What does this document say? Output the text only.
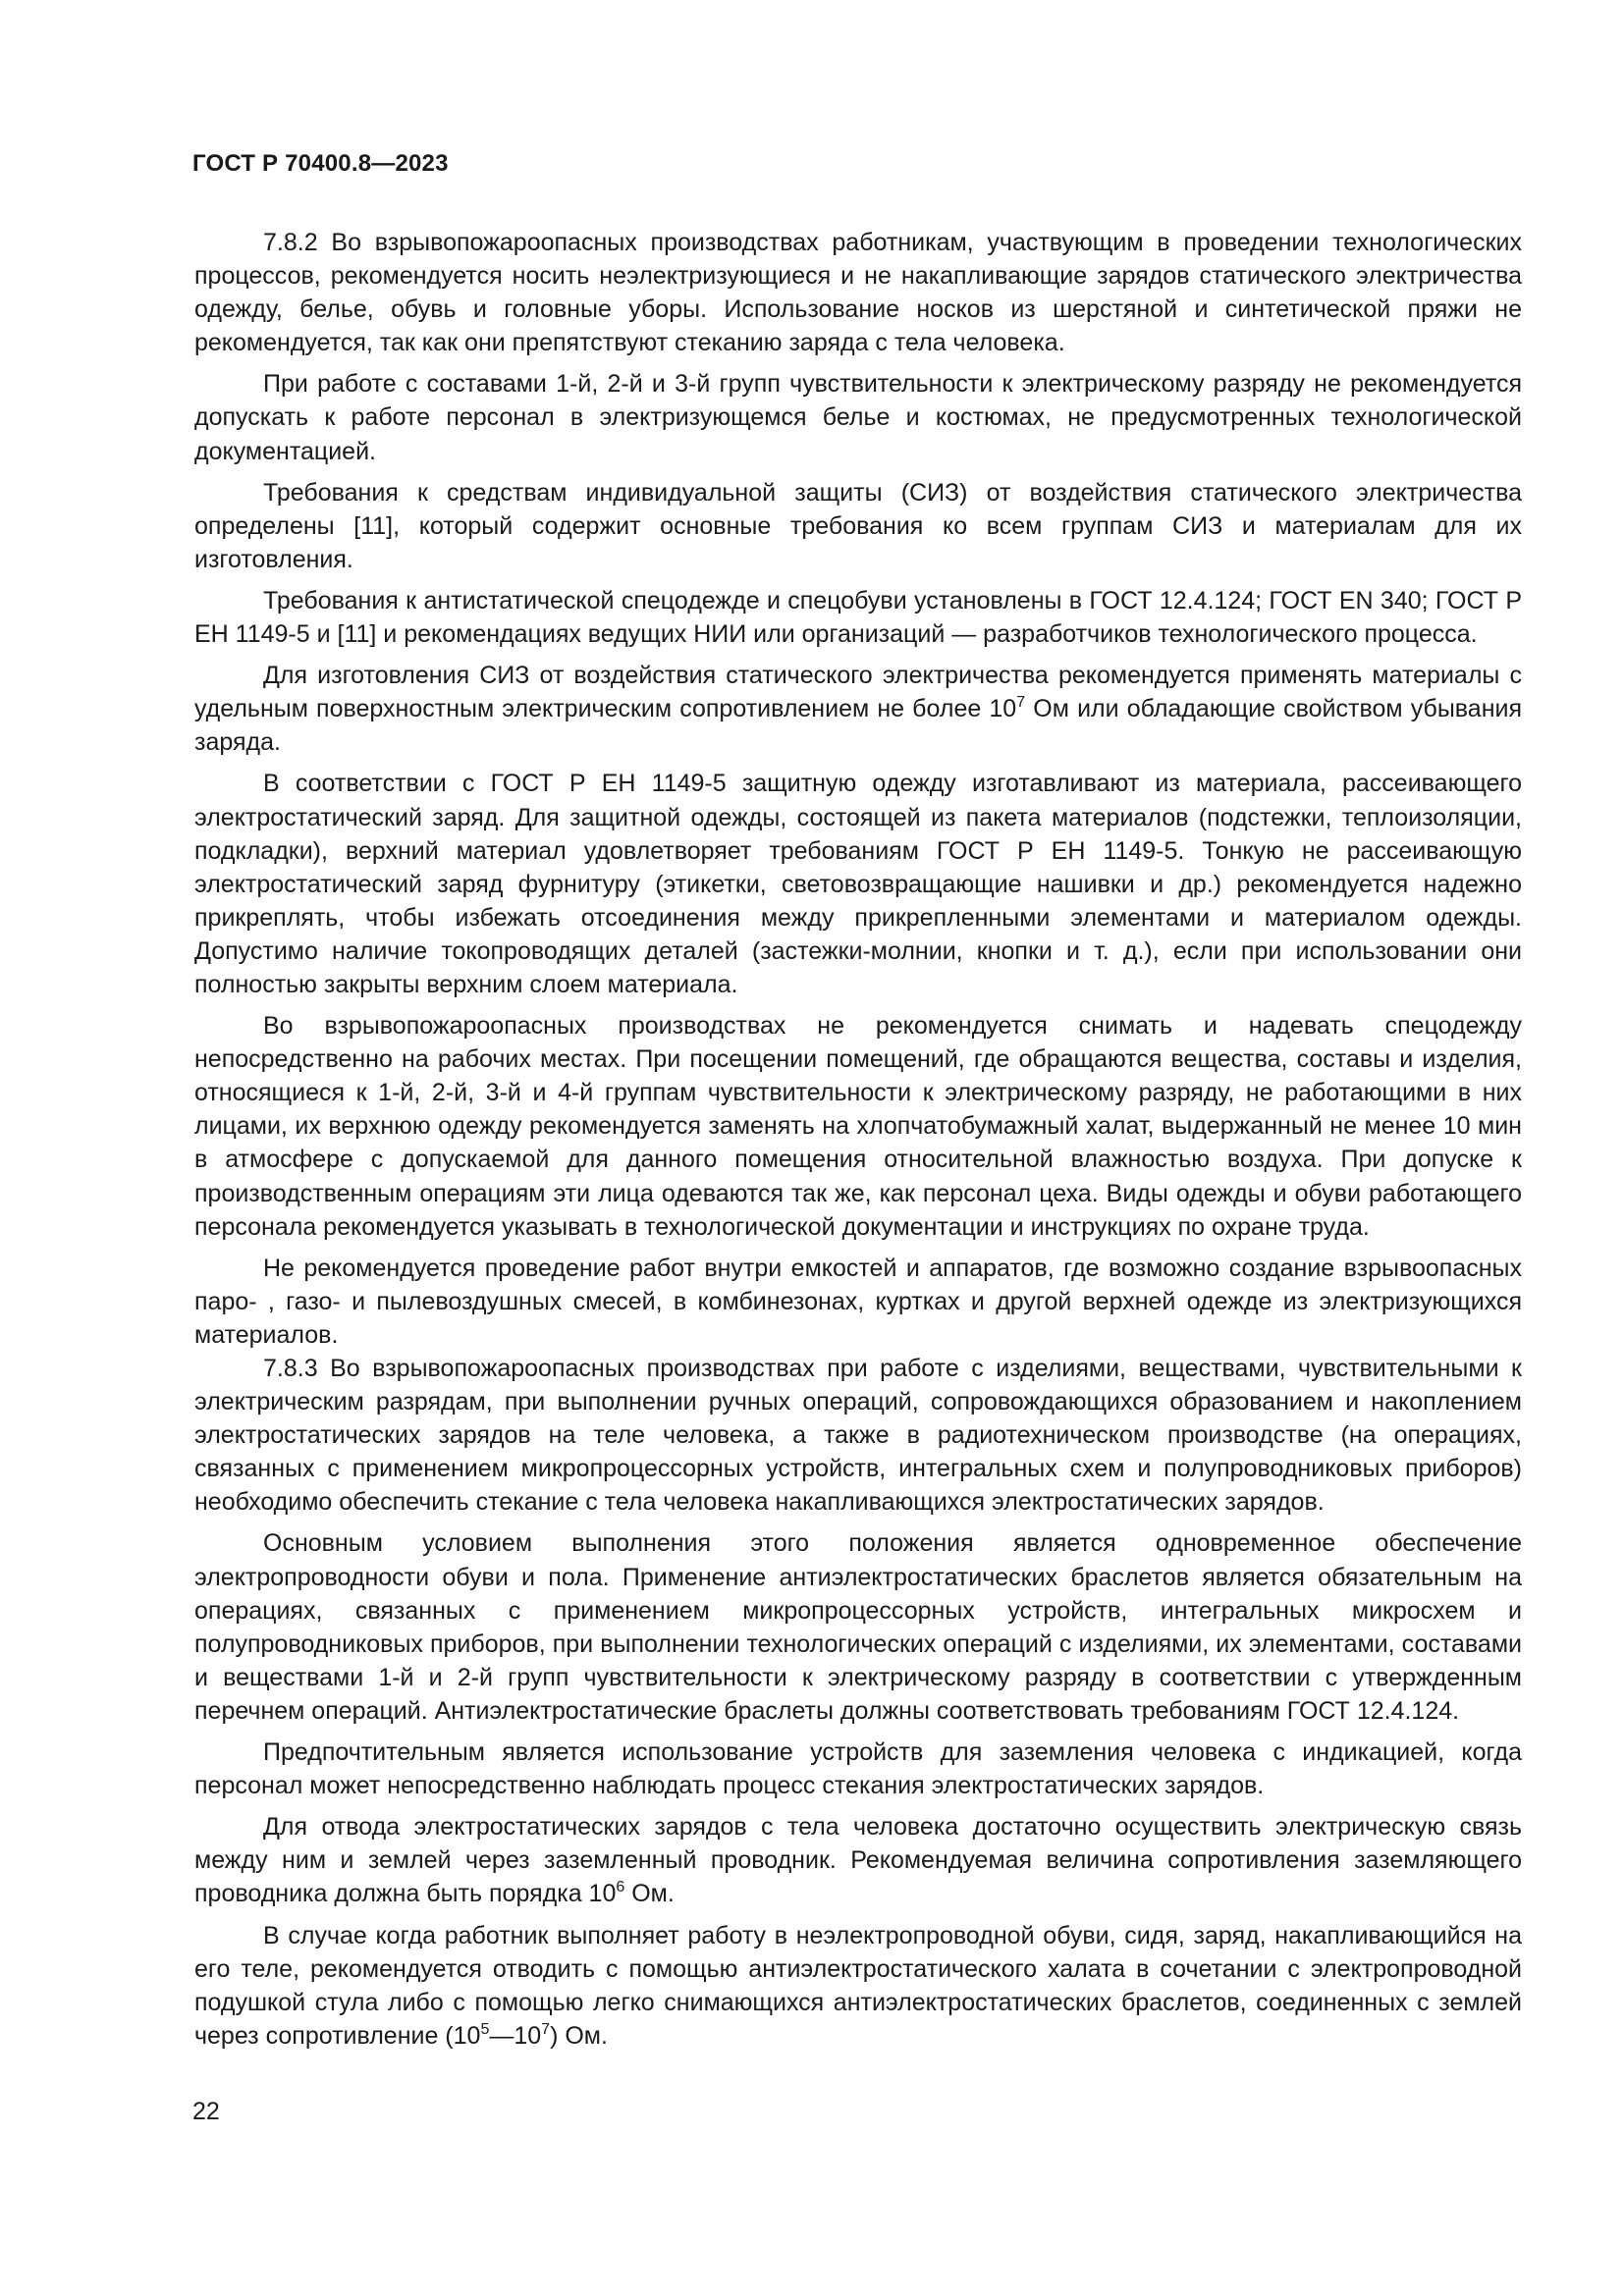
ГОСТ Р 70400.8—2023

7.8.2 Во взрывопожароопасных производствах работникам, участвующим в проведении технологических процессов, рекомендуется носить неэлектризующиеся и не накапливающие зарядов статического электричества одежду, белье, обувь и головные уборы. Использование носков из шерстяной и синтетической пряжи не рекомендуется, так как они препятствуют стеканию заряда с тела человека.

При работе с составами 1-й, 2-й и 3-й групп чувствительности к электрическому разряду не рекомендуется допускать к работе персонал в электризующемся белье и костюмах, не предусмотренных технологической документацией.

Требования к средствам индивидуальной защиты (СИЗ) от воздействия статического электричества определены [11], который содержит основные требования ко всем группам СИЗ и материалам для их изготовления.

Требования к антистатической спецодежде и спецобуви установлены в ГОСТ 12.4.124; ГОСТ EN 340; ГОСТ Р ЕН 1149-5 и [11] и рекомендациях ведущих НИИ или организаций — разработчиков технологического процесса.

Для изготовления СИЗ от воздействия статического электричества рекомендуется применять материалы с удельным поверхностным электрическим сопротивлением не более $10^7$ Ом или обладающие свойством убывания заряда.

В соответствии с ГОСТ Р ЕН 1149-5 защитную одежду изготавливают из материала, рассеивающего электростатический заряд. Для защитной одежды, состоящей из пакета материалов (подстежки, теплоизоляции, подкладки), верхний материал удовлетворяет требованиям ГОСТ Р ЕН 1149-5. Тонкую не рассеивающую электростатический заряд фурнитуру (этикетки, световозвращающие нашивки и др.) рекомендуется надежно прикреплять, чтобы избежать отсоединения между прикрепленными элементами и материалом одежды. Допустимо наличие токопроводящих деталей (застежки-молнии, кнопки и т. д.), если при использовании они полностью закрыты верхним слоем материала.

Во взрывопожароопасных производствах не рекомендуется снимать и надевать спецодежду непосредственно на рабочих местах. При посещении помещений, где обращаются вещества, составы и изделия, относящиеся к 1-й, 2-й, 3-й и 4-й группам чувствительности к электрическому разряду, не работающими в них лицами, их верхнюю одежду рекомендуется заменять на хлопчатобумажный халат, выдержанный не менее 10 мин в атмосфере с допускаемой для данного помещения относительной влажностью воздуха. При допуске к производственным операциям эти лица одеваются так же, как персонал цеха. Виды одежды и обуви работающего персонала рекомендуется указывать в технологической документации и инструкциях по охране труда.

Не рекомендуется проведение работ внутри емкостей и аппаратов, где возможно создание взрывоопасных паро- , газо- и пылевоздушных смесей, в комбинезонах, куртках и другой верхней одежде из электризующихся материалов.

7.8.3 Во взрывопожароопасных производствах при работе с изделиями, веществами, чувствительными к электрическим разрядам, при выполнении ручных операций, сопровождающихся образованием и накоплением электростатических зарядов на теле человека, а также в радиотехническом производстве (на операциях, связанных с применением микропроцессорных устройств, интегральных схем и полупроводниковых приборов) необходимо обеспечить стекание с тела человека накапливающихся электростатических зарядов.

Основным условием выполнения этого положения является одновременное обеспечение электропроводности обуви и пола. Применение антиэлектростатических браслетов является обязательным на операциях, связанных с применением микропроцессорных устройств, интегральных микросхем и полупроводниковых приборов, при выполнении технологических операций с изделиями, их элементами, составами и веществами 1-й и 2-й групп чувствительности к электрическому разряду в соответствии с утвержденным перечнем операций. Антиэлектростатические браслеты должны соответствовать требованиям ГОСТ 12.4.124.

Предпочтительным является использование устройств для заземления человека с индикацией, когда персонал может непосредственно наблюдать процесс стекания электростатических зарядов.

Для отвода электростатических зарядов с тела человека достаточно осуществить электрическую связь между ним и землей через заземленный проводник. Рекомендуемая величина сопротивления заземляющего проводника должна быть порядка $10^6$ Ом.

В случае когда работник выполняет работу в неэлектропроводной обуви, сидя, заряд, накапливающийся на его теле, рекомендуется отводить с помощью антиэлектростатического халата в сочетании с электропроводной подушкой стула либо с помощью легко снимающихся антиэлектростатических браслетов, соединенных с землей через сопротивление $(10^5—10^7)$ Ом.

22
